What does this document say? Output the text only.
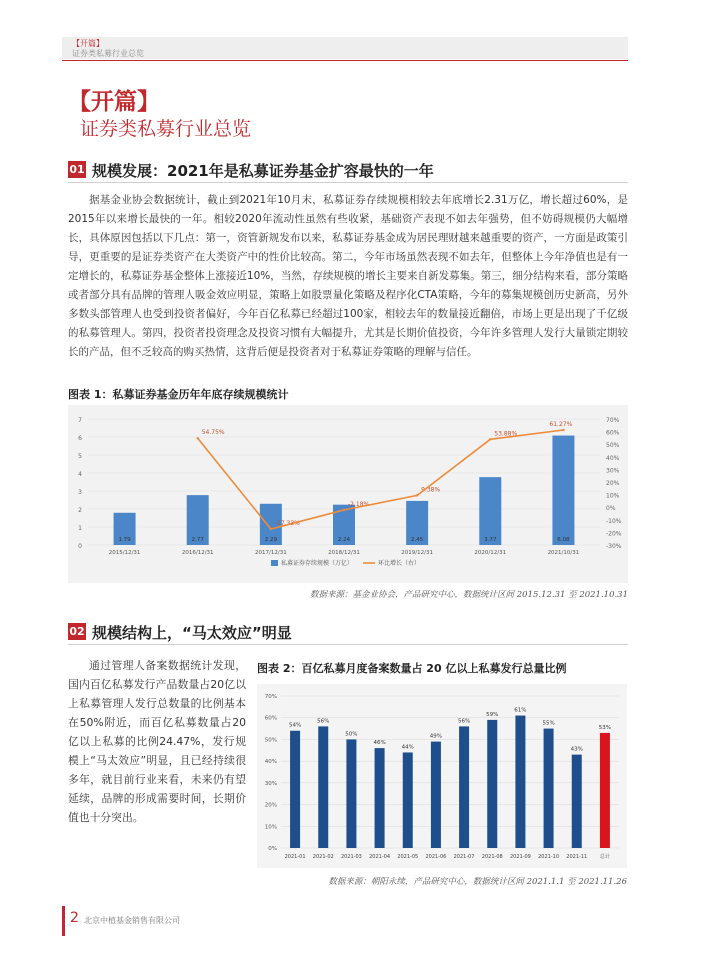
【开篇】
证券类私募行业总览
【开篇】
证券类私募行业总览
01 规模发展：2021年是私募证券基金扩容最快的一年

据基金业协会数据统计，截止到2021年10月末，私募证券存续规模相较去年底增长2.31万亿，增长超过60%，是2015年以来增长最快的一年。相较2020年流动性虽然有些收紧，基础资产表现不如去年强势，但不妨碍规模仍大幅增长，具体原因包括以下几点：第一，资管新规发布以来，私募证券基金成为居民理财越来越重要的资产，一方面是政策引导，更重要的是证券类资产在大类资产中的性价比较高。第二，今年市场虽然表现不如去年，但整体上今年净值也是有一定增长的，私募证券基金整体上涨接近10%，当然，存续规模的增长主要来自新发募集。第三，细分结构来看，部分策略或者部分具有品牌的管理人吸金效应明显，策略上如股票量化策略及程序化CTA策略，今年的募集规模创历史新高，另外多数头部管理人也受到投资者偏好，今年百亿私募已经超过100家，相较去年的数量接近翻倍，市场上更是出现了千亿级的私募管理人。第四，投资者投资理念及投资习惯有大幅提升，尤其是长期价值投资，今年许多管理人发行大量锁定期较长的产品，但不乏较高的购买热情，这背后便是投资者对于私募证券策略的理解与信任。

图表 1：私募证券基金历年年底存续规模统计
0
1
2
3
4
5
6
7
-30%
-20%
-10%
0%
10%
20%
30%
40%
50%
60%
70%
1.79
2015/12/31
2.77
2016/12/31
54.75%
2.29
2017/12/31
-17.33%
2.24
2018/12/31
-2.18%
2.45
2019/12/31
9.38%
3.77
2020/12/31
53.88%
6.08
2021/10/31
61.27%
私募证券存续规模（万亿）	环比增长（右）
数据来源：基金业协会，产品研究中心，数据统计区间 2015.12.31 至 2021.10.31
02 规模结构上，“马太效应”明显

通过管理人备案数据统计发现，国内百亿私募发行产品数量占20亿以上私募管理人发行总数量的比例基本在50%附近，而百亿私募数量占20亿以上私募的比例24.47%，发行规模上“马太效应”明显，且已经持续很多年，就目前行业来看，未来仍有望延续，品牌的形成需要时间，长期价值也十分突出。

图表 2：百亿私募月度备案数量占 20 亿以上私募发行总量比例
0%
10%
20%
30%
40%
50%
60%
70%
54%
2021-01
56%
2021-02
50%
2021-03
46%
2021-04
44%
2021-05
49%
2021-06
56%
2021-07
59%
2021-08
61%
2021-09
55%
2021-10
43%
2021-11
53%
总计
数据来源：朝阳永续，产品研究中心，数据统计区间 2021.1.1 至 2021.11.26
2 北京中植基金销售有限公司
